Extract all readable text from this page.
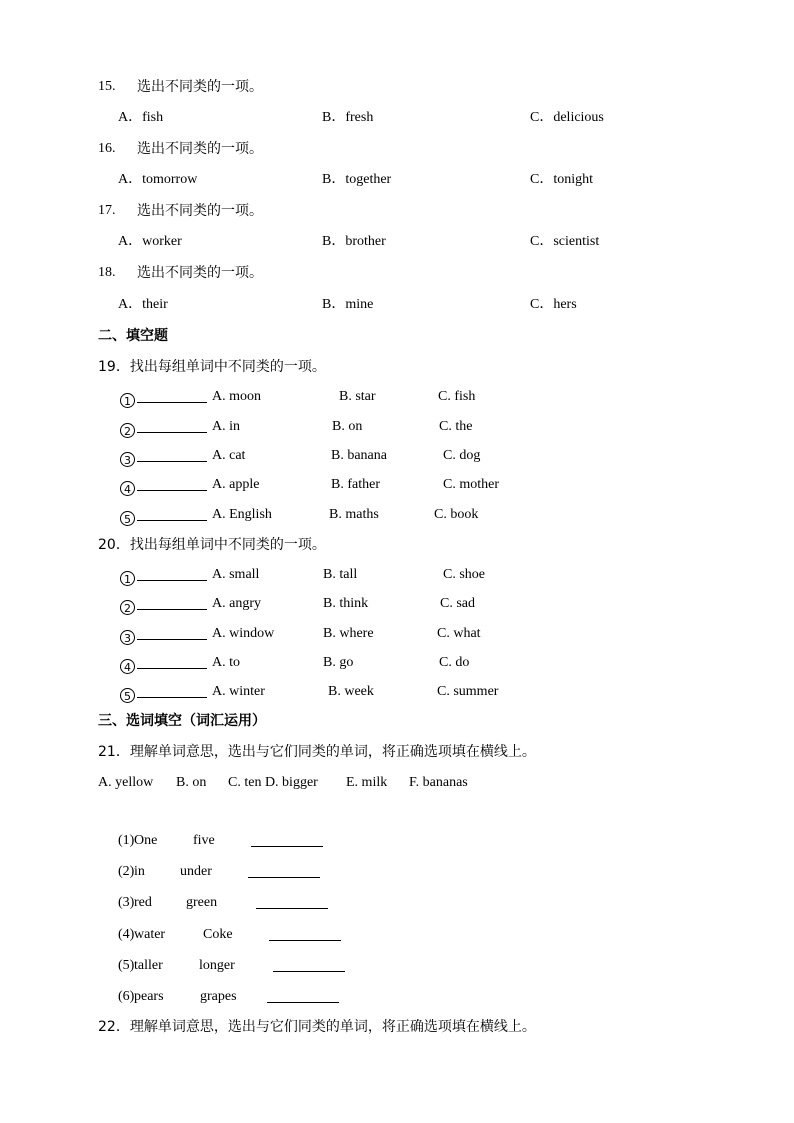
15. 选出不同类的一项。
A．fish	B．fresh	C．delicious
16. 选出不同类的一项。
A．tomorrow	B．together	C．tonight
17. 选出不同类的一项。
A．worker	B．brother	C．scientist
18. 选出不同类的一项。
A．their	B．mine	C．hers
二、填空题
19．找出每组单词中不同类的一项。
1	A. moon	B. star	C. fish
2	A. in	B. on	C. the
3	A. cat	B. banana	C. dog
4	A. apple	B. father	C. mother
5	A. English	B. maths	C. book
20．找出每组单词中不同类的一项。
1	A. small	B. tall	C. shoe
2	A. angry	B. think	C. sad
3	A. window	B. where	C. what
4	A. to	B. go	C. do
5	A. winter	B. week	C. summer
三、选词填空（词汇运用）
21．理解单词意思，选出与它们同类的单词，将正确选项填在横线上。
A. yellow B. on C. ten D. bigger E. milk F. bananas
(1) One	five
(2) in	under
(3) red green
(4) water	Coke
(5) taller	longer
(6) pears	grapes
22．理解单词意思，选出与它们同类的单词，将正确选项填在横线上。
